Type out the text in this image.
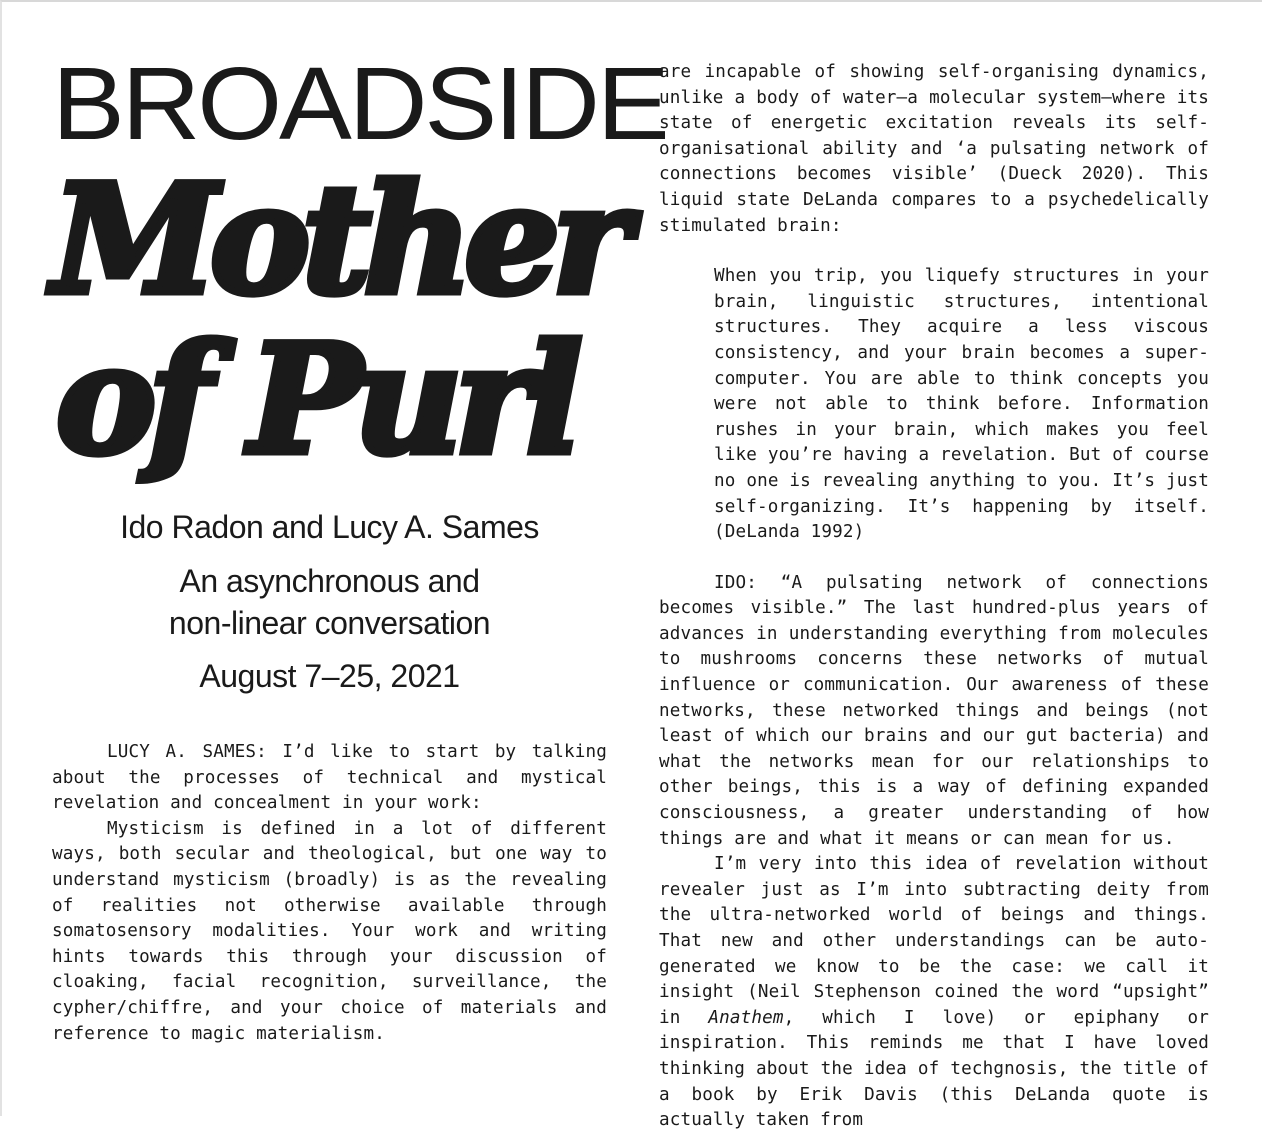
BROADSIDE
Mother
of Purl
Ido Radon and Lucy A. Sames
An asynchronous and
non-linear conversation
August 7–25, 2021

LUCY A. SAMES: I’d like to start by talking about the processes of technical and mystical revelation and concealment in your work:

Mysticism is defined in a lot of different ways, both secular and theological, but one way to understand mysticism (broadly) is as the revealing of realities not otherwise available through somatosensory modalities. Your work and writing hints towards this through your discussion of cloaking, facial recognition, surveillance, the cypher/chiffre, and your choice of materials and reference to magic materialism.

are incapable of showing self-organising dynamics, unlike a body of water—a molecular system—where its state of energetic excitation reveals its self-organisational ability and ‘a pulsating network of connections becomes visible’ (Dueck 2020). This liquid state DeLanda compares to a psychedelically stimulated brain:

When you trip, you liquefy structures in your brain, linguistic structures, intentional structures. They acquire a less viscous consistency, and your brain becomes a super-computer. You are able to think concepts you were not able to think before. Information rushes in your brain, which makes you feel like you’re having a revelation. But of course no one is revealing anything to you. It’s just self-organizing. It’s happening by itself. (DeLanda 1992)

IDO: “A pulsating network of connections becomes visible.” The last hundred-plus years of advances in understanding everything from molecules to mushrooms concerns these networks of mutual influence or communication. Our awareness of these networks, these networked things and beings (not least of which our brains and our gut bacteria) and what the networks mean for our relationships to other beings, this is a way of defining expanded consciousness, a greater understanding of how things are and what it means or can mean for us.

I’m very into this idea of revelation without revealer just as I’m into subtracting deity from the ultra-networked world of beings and things. That new and other understandings can be auto-generated we know to be the case: we call it insight (Neil Stephenson coined the word “upsight” in Anathem, which I love) or epiphany or inspiration. This reminds me that I have loved thinking about the idea of techgnosis, the title of a book by Erik Davis (this DeLanda quote is actually taken from
